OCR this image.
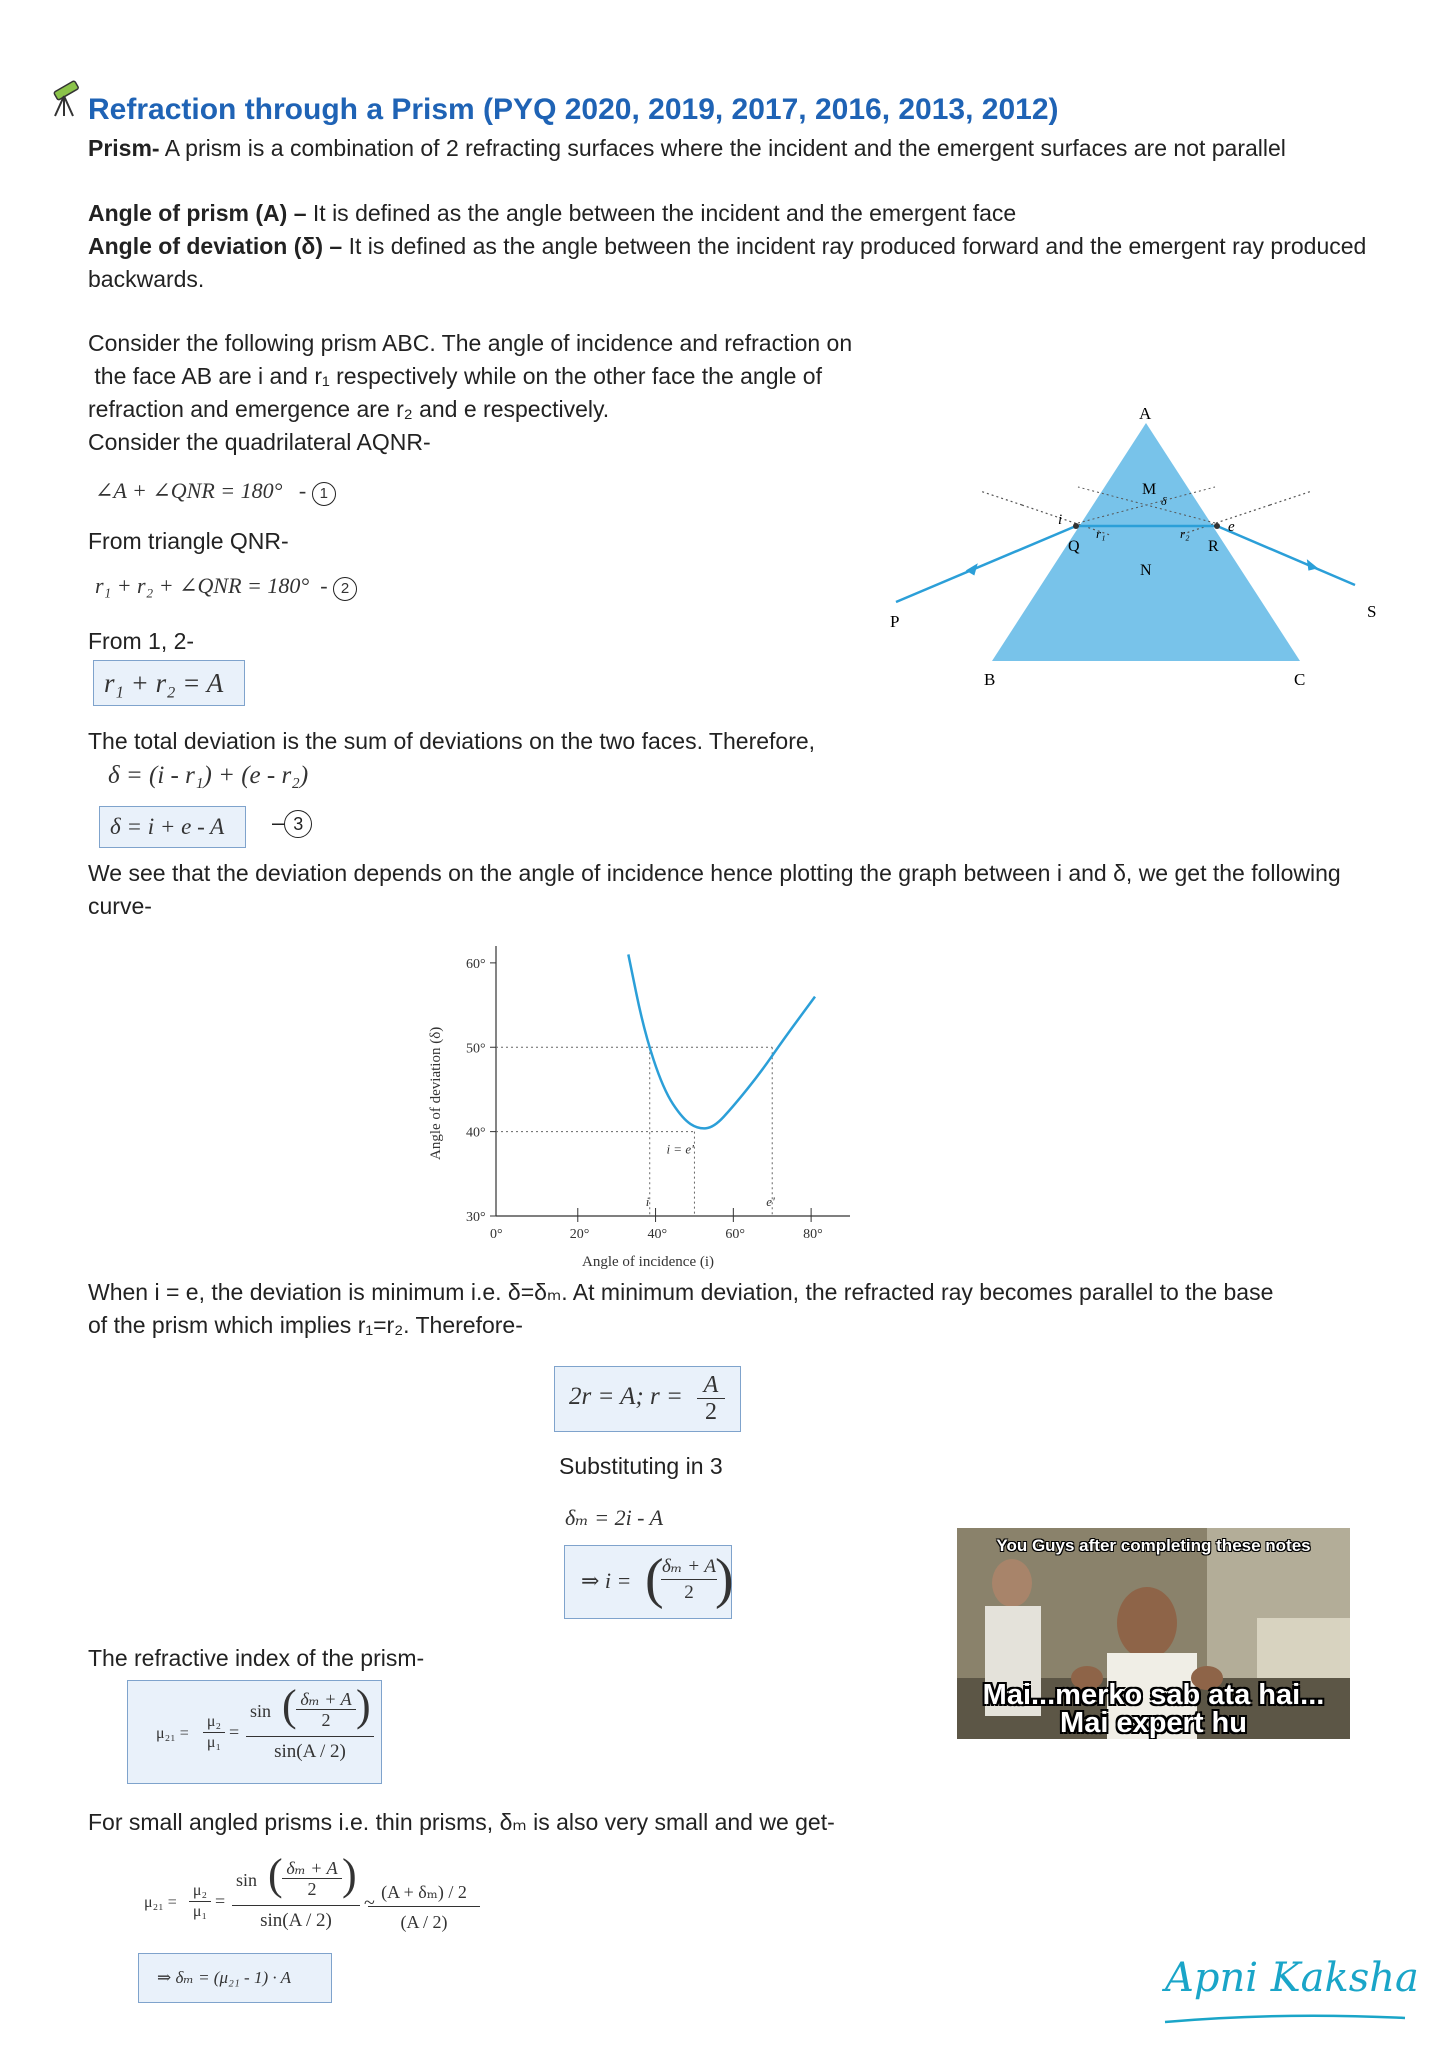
Refraction through a Prism (PYQ 2020, 2019, 2017, 2016, 2013, 2012)
Prism- A prism is a combination of 2 refracting surfaces where the incident and the emergent surfaces are not parallel
Angle of prism (A) – It is defined as the angle between the incident and the emergent face
Angle of deviation (δ) – It is defined as the angle between the incident ray produced forward and the emergent ray produced backwards.
Consider the following prism ABC. The angle of incidence and refraction on
the face AB are i and r₁ respectively while on the other face the angle of
refraction and emergence are r₂ and e respectively.
Consider the quadrilateral AQNR-
∠A + ∠QNR = 180°   - 1
From triangle QNR-
r₁ + r₂ + ∠QNR = 180°  - 2
From 1, 2-
r₁ + r₂ = A
A
B	C
P
S
M
N
Q	R
i	e
r₁	r₂
δ
The total deviation is the sum of deviations on the two faces. Therefore,
δ = (i - r₁) + (e - r₂)
δ = i + e - A	– 3
We see that the deviation depends on the angle of incidence hence plotting the graph between i and δ, we get the following curve-
30°
40°
50°
60°
0°	20°	40°	60°	80°
i = e'
i	e'
Angle of incidence (i)
Angle of deviation (δ)
When i = e, the deviation is minimum i.e. δ=δₘ. At minimum deviation, the refracted ray becomes parallel to the base
of the prism which implies r₁=r₂. Therefore-
2r = A; $r = \frac{A}{2}$
Substituting in 3
δₘ = 2i - A
⇒ i = (
$\frac{\text{δₘ + A}}{2}$
)
The refractive index of the prism-
$\mu_{21} = \frac{\text{μ₂}}{\text{μ₁}}$ =
sin ( $\frac{\text{δₘ + A}}{2}$ )
sin(A / 2)
For small angled prisms i.e. thin prisms, δₘ is also very small and we get-
$\mu_{21} = \frac{\text{μ₂}}{\text{μ₁}}$ =
sin ( $\frac{\text{δₘ + A}}{2}$ )
sin(A / 2)
~
$\frac{\text{(A + δₘ) / 2}}{(A / 2)}$
⇒ δₘ = (μ₂₁ - 1) · A
You Guys after completing these notes
Mai...merko sab ata hai...
Mai expert hu
Apni Kaksha
